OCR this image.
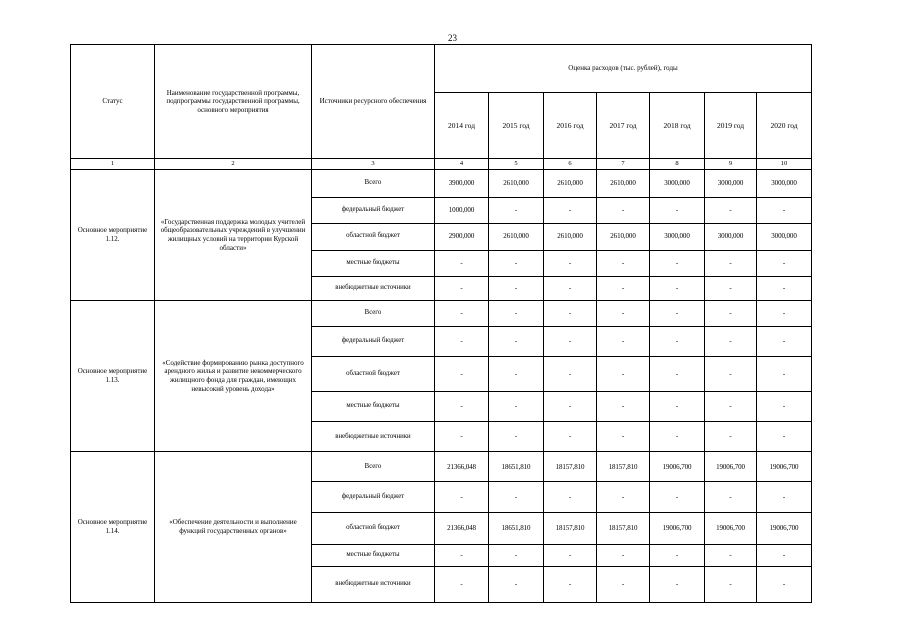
23
Статус	Наименование государственной программы, подпрограммы государственной программы, основного мероприятия	Источники ресурсного обеспечения	Оценка расходов (тыс. рублей), годы						
			2014 год	2015 год	2016 год	2017 год	2018 год	2019 год	2020 год
1	2	3	4	5	6	7	8	9	10
Основное мероприятие 1.12.	«Государственная поддержка молодых учителей общеобразовательных учреждений в улучшении жилищных условий на территории Курской области»	Всего	3900,000	2610,000	2610,000	2610,000	3000,000	3000,000	3000,000
		федеральный бюджет	1000,000	-	-	-	-	-	-
		областной бюджет	2900,000	2610,000	2610,000	2610,000	3000,000	3000,000	3000,000
		местные бюджеты	-	-	-	-	-	-	-
		внебюджетные источники	-	-	-	-	-	-	-
Основное мероприятие 1.13.	«Содействие формированию рынка доступного арендного жилья и развитие некоммерческого жилищного фонда для граждан, имеющих невысокий уровень дохода»	Всего	-	-	-	-	-	-	-
		федеральный бюджет	-	-	-	-	-	-	-
		областной бюджет	-	-	-	-	-	-	-
		местные бюджеты	-	-	-	-	-	-	-
		внебюджетные источники	-	-	-	-	-	-	-
Основное мероприятие 1.14.	«Обеспечение деятельности и выполнение функций государственных органов»	Всего	21366,048	18651,810	18157,810	18157,810	19006,700	19006,700	19006,700
		федеральный бюджет	-	-	-	-	-	-	-
		областной бюджет	21366,048	18651,810	18157,810	18157,810	19006,700	19006,700	19006,700
		местные бюджеты	-	-	-	-	-	-	-
		внебюджетные источники	-	-	-	-	-	-	-
